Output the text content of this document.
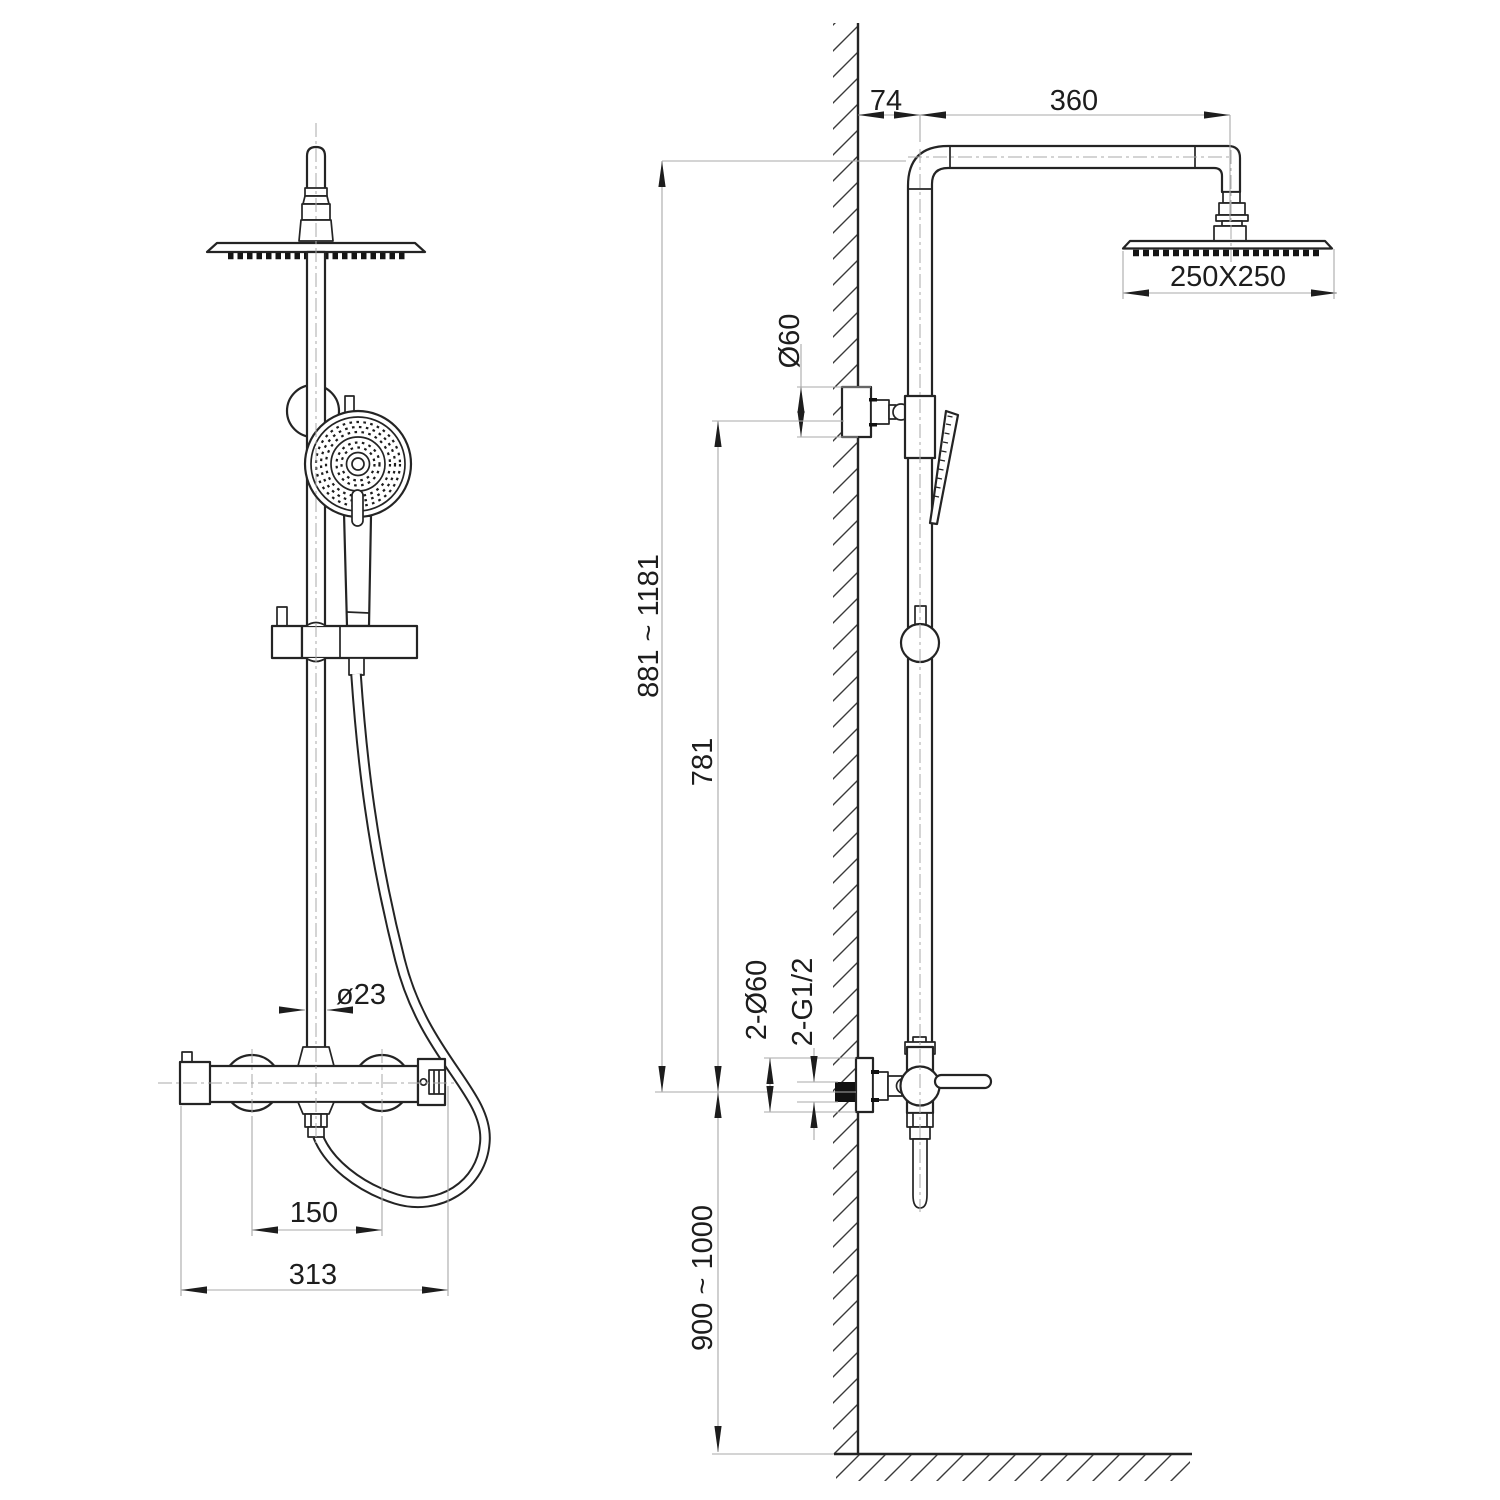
74	360
250X250
Ø60
881 ~ 1181
781
2-Ø60 2-G1/2
900 ~ 1000
ø23
150
313
